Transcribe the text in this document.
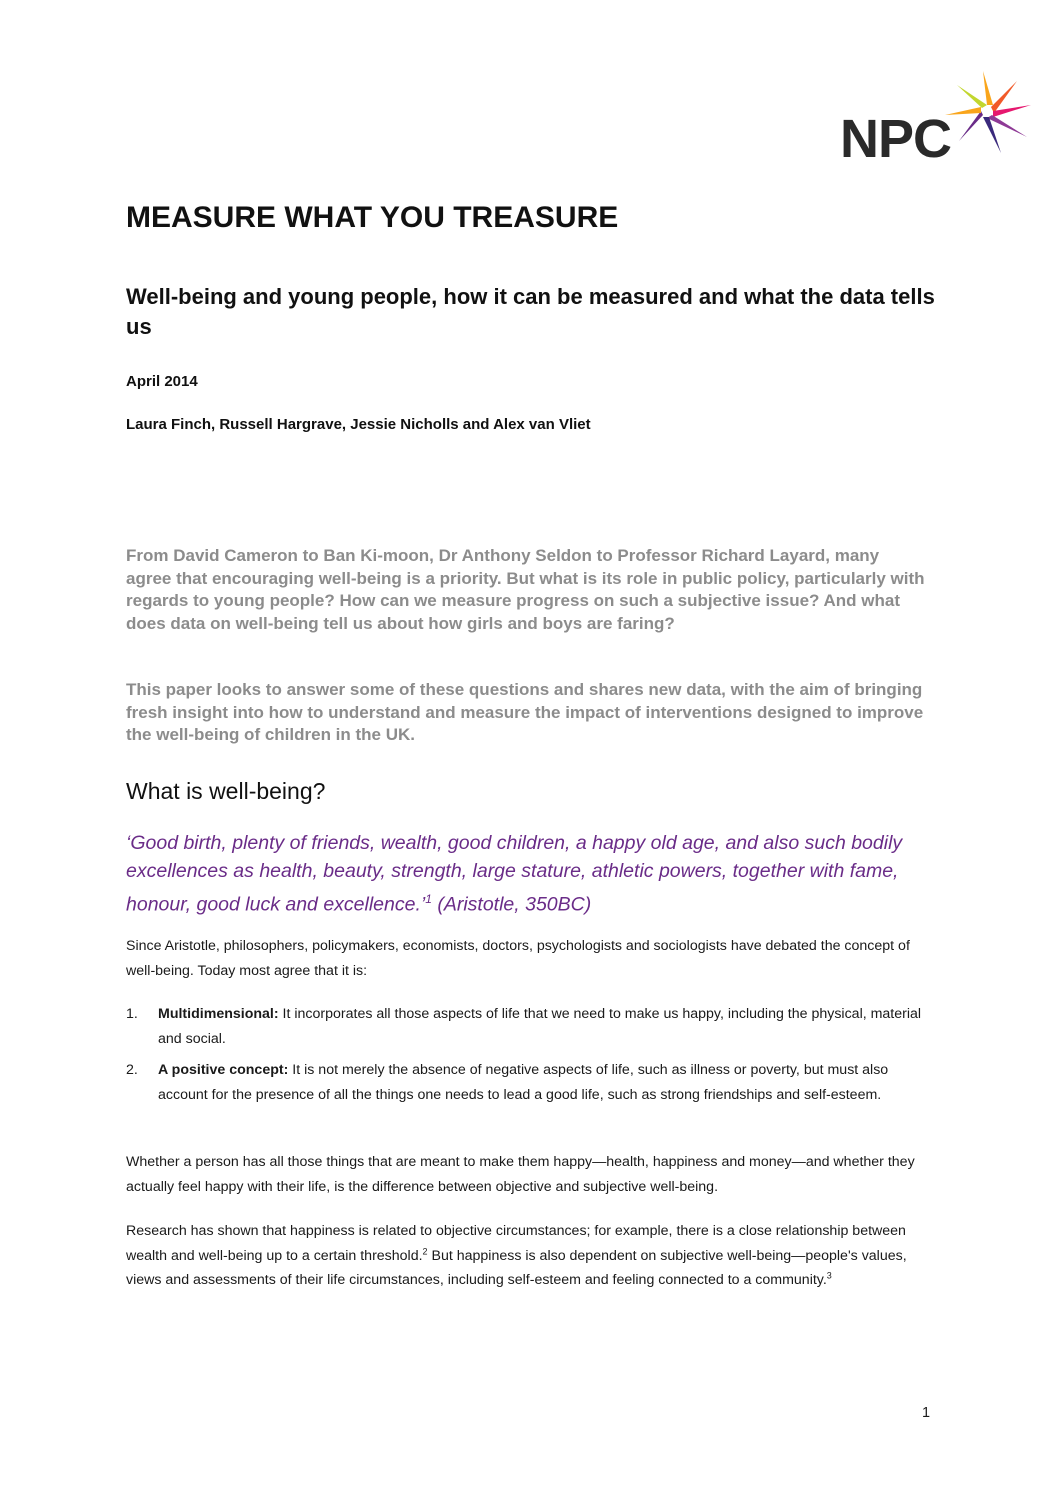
NPC
MEASURE WHAT YOU TREASURE
Well-being and young people, how it can be measured and what the data tells us

April 2014

Laura Finch, Russell Hargrave, Jessie Nicholls and Alex van Vliet

From David Cameron to Ban Ki-moon, Dr Anthony Seldon to Professor Richard Layard, many agree that encouraging well-being is a priority. But what is its role in public policy, particularly with regards to young people? How can we measure progress on such a subjective issue? And what does data on well-being tell us about how girls and boys are faring?

This paper looks to answer some of these questions and shares new data, with the aim of bringing fresh insight into how to understand and measure the impact of interventions designed to improve the well-being of children in the UK.

What is well-being?

‘Good birth, plenty of friends, wealth, good children, a happy old age, and also such bodily excellences as health, beauty, strength, large stature, athletic powers, together with fame, honour, good luck and excellence.’$^1$ (Aristotle, 350BC)

Since Aristotle, philosophers, policymakers, economists, doctors, psychologists and sociologists have debated the concept of well-being. Today most agree that it is:

1. Multidimensional: It incorporates all those aspects of life that we need to make us happy, including the physical, material and social.
2. A positive concept: It is not merely the absence of negative aspects of life, such as illness or poverty, but must also account for the presence of all the things one needs to lead a good life, such as strong friendships and self-esteem.

Whether a person has all those things that are meant to make them happy—health, happiness and money—and whether they actually feel happy with their life, is the difference between objective and subjective well-being.

Research has shown that happiness is related to objective circumstances; for example, there is a close relationship between wealth and well-being up to a certain threshold.$^2$ But happiness is also dependent on subjective well-being—people's values, views and assessments of their life circumstances, including self-esteem and feeling connected to a community.$^3$

1
